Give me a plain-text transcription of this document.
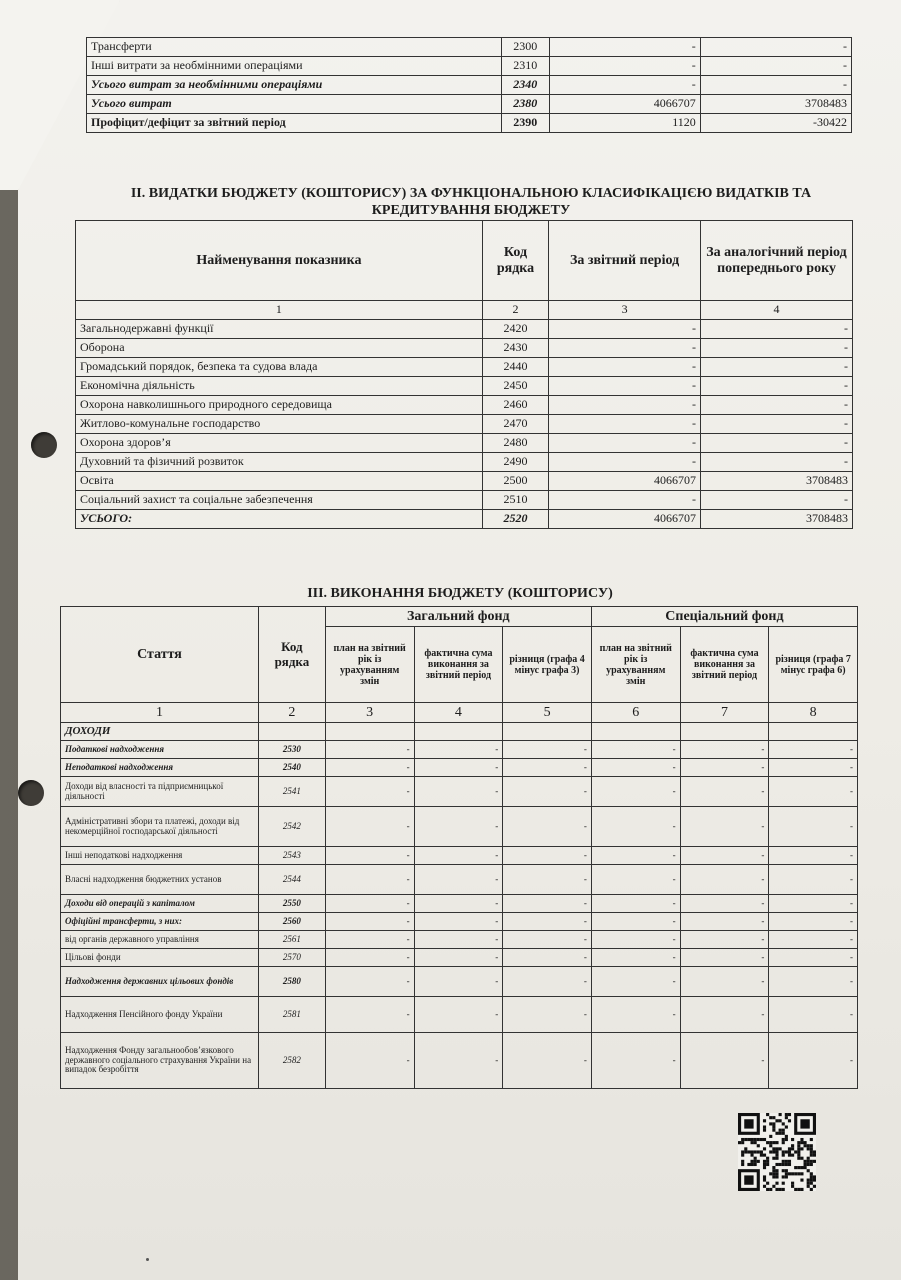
Трансферти	2300	-	-
Інші витрати за необмінними операціями	2310	-	-
Усього витрат за необмінними операціями	2340	-	-
Усього витрат	2380	4066707	3708483
Профіцит/дефіцит за звітний період	2390	1120	-30422
ІІ. ВИДАТКИ БЮДЖЕТУ (КОШТОРИСУ) ЗА ФУНКЦІОНАЛЬНОЮ КЛАСИФІКАЦІЄЮ ВИДАТКІВ ТА КРЕДИТУВАННЯ БЮДЖЕТУ
Найменування показника	Код рядка	За звітний період	За аналогічний період попереднього року
1	2	3	4
Загальнодержавні функції	2420	-	-
Оборона	2430	-	-
Громадський порядок, безпека та судова влада	2440	-	-
Економічна діяльність	2450	-	-
Охорона навколишнього природного середовища	2460	-	-
Житлово-комунальне господарство	2470	-	-
Охорона здоров’я	2480	-	-
Духовний та фізичний розвиток	2490	-	-
Освіта	2500	4066707	3708483
Соціальний захист та соціальне забезпечення	2510	-	-
УСЬОГО:	2520	4066707	3708483
ІІІ. ВИКОНАННЯ БЮДЖЕТУ (КОШТОРИСУ)
Стаття	Код рядка	Загальний фонд			Спеціальний фонд		
		план на звітний рік із урахуванням змін	фактична сума виконання за звітний період	різниця (графа 4 мінус графа 3)	план на звітний рік із урахуванням змін	фактична сума виконання за звітний період	різниця (графа 7 мінус графа 6)
1	2	3	4	5	6	7	8
ДОХОДИ							
Податкові надходження	2530	-	-	-	-	-	-
Неподаткові надходження	2540	-	-	-	-	-	-
Доходи від власності та підприємницької діяльності	2541	-	-	-	-	-	-
Адміністративні збори та платежі, доходи від некомерційної господарської діяльності	2542	-	-	-	-	-	-
Інші неподаткові надходження	2543	-	-	-	-	-	-
Власні надходження бюджетних установ	2544	-	-	-	-	-	-
Доходи від операцій з капіталом	2550	-	-	-	-	-	-
Офіційні трансферти, з них:	2560	-	-	-	-	-	-
від органів державного управління	2561	-	-	-	-	-	-
Цільові фонди	2570	-	-	-	-	-	-
Надходження державних цільових фондів	2580	-	-	-	-	-	-
Надходження Пенсійного фонду України	2581	-	-	-	-	-	-
Надходження Фонду загальнообов’язкового державного соціального страхування України на випадок безробіття	2582	-	-	-	-	-	-
